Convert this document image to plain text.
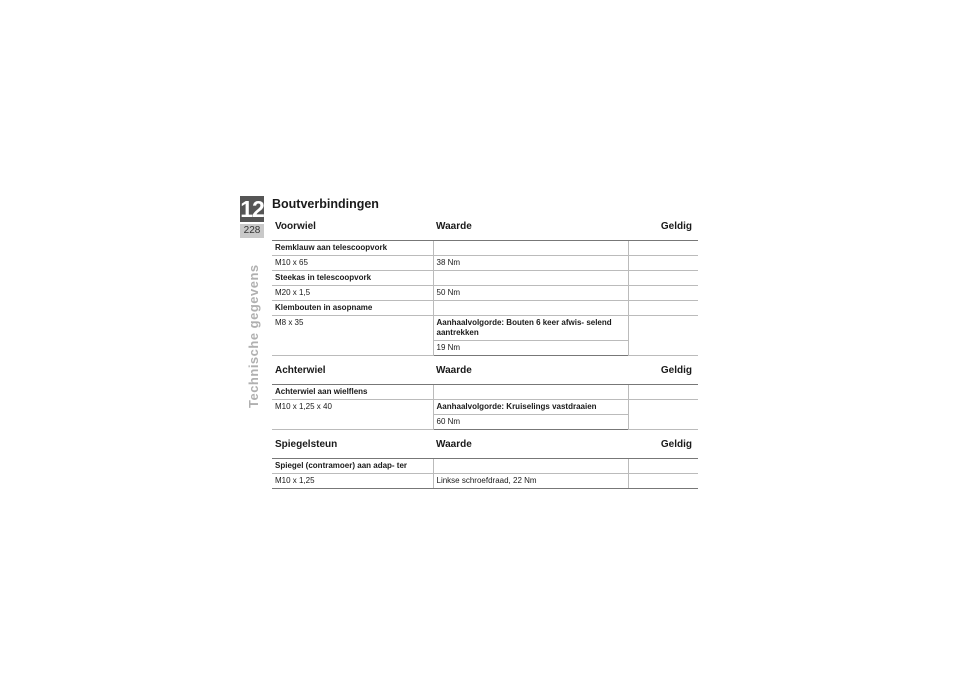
12
228
Technische gegevens
Boutverbindingen
Voorwiel	Waarde	Geldig
Remklauw aan telescoopvork		
M10 x 65	38 Nm	
Steekas in telescoopvork		
M20 x 1,5	50 Nm	
Klembouten in asopname		
M8 x 35	Aanhaalvolgorde: Bouten 6 keer afwis- selend aantrekken	
	19 Nm	
Achterwiel	Waarde	Geldig
Achterwiel aan wielflens		
M10 x 1,25 x 40	Aanhaalvolgorde: Kruiselings vastdraaien	
	60 Nm	
Spiegelsteun	Waarde	Geldig
Spiegel (contramoer) aan adap- ter		
M10 x 1,25	Linkse schroefdraad, 22 Nm	
